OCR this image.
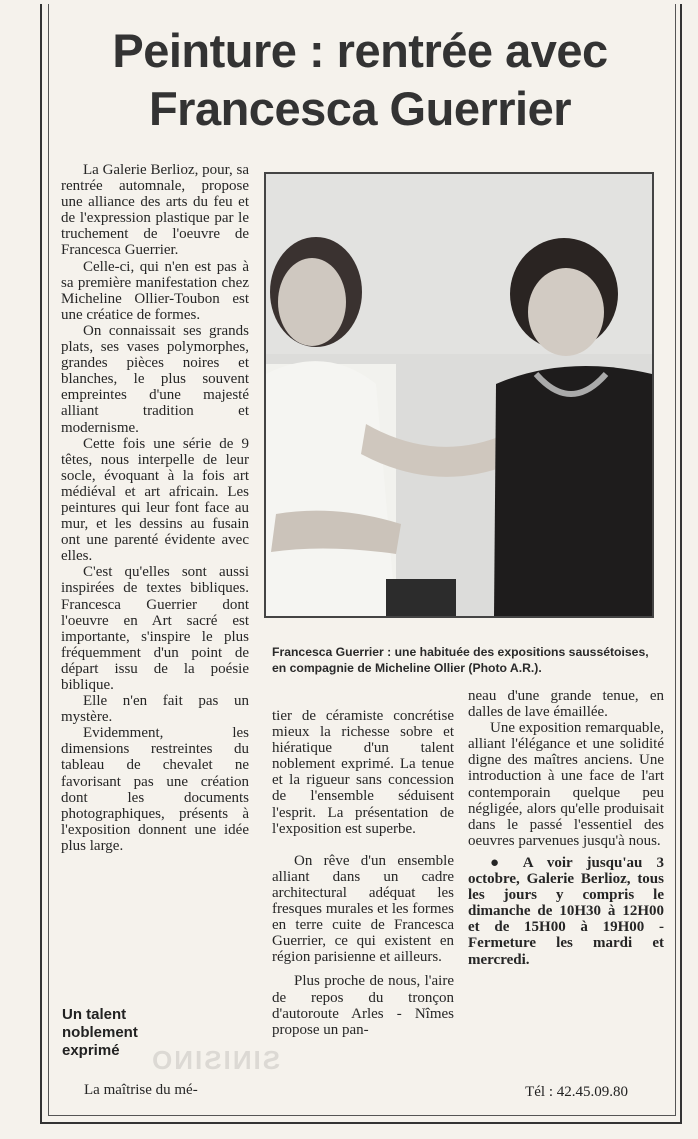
SINISINO
Peinture : rentrée avec
Francesca Guerrier

La Galerie Berlioz, pour, sa rentrée automnale, propose une alliance des arts du feu et de l'expression plastique par le truchement de l'oeuvre de Francesca Guerrier.

Celle-ci, qui n'en est pas à sa première manifestation chez Micheline Ollier-Toubon est une créatice de formes.

On connaissait ses grands plats, ses vases polymorphes, grandes pièces noires et blanches, le plus souvent empreintes d'une majesté alliant tradition et modernisme.

Cette fois une série de 9 têtes, nous interpelle de leur socle, évoquant à la fois art médiéval et art africain. Les peintures qui leur font face au mur, et les dessins au fusain ont une parenté évidente avec elles.

C'est qu'elles sont aussi inspirées de textes bibliques. Francesca Guerrier dont l'oeuvre en Art sacré est importante, s'inspire le plus fréquemment d'un point de départ issu de la poésie biblique.

Elle n'en fait pas un mystère.

Evidemment, les dimensions restreintes du tableau de chevalet ne favorisant pas une création dont les documents photographiques, présents à l'exposition donnent une idée plus large.

Un talent noblement exprimé
La maîtrise du mé-
Francesca Guerrier : une habituée des expositions saussétoises, en compagnie de Micheline Ollier (Photo A.R.).

tier de céramiste concrétise mieux la richesse sobre et hiératique d'un talent noblement exprimé. La tenue et la rigueur sans concession de l'ensemble séduisent l'esprit. La présentation de l'exposition est superbe.

On rêve d'un ensemble alliant dans un cadre architectural adéquat les fresques murales et les formes en terre cuite de Francesca Guerrier, ce qui existent en région parisienne et ailleurs.

Plus proche de nous, l'aire de repos du tronçon d'autoroute Arles - Nîmes propose un pan-

neau d'une grande tenue, en dalles de lave émaillée.

Une exposition remarquable, alliant l'élégance et une solidité digne des maîtres anciens. Une introduction à une face de l'art contemporain quelque peu négligée, alors qu'elle produisait dans le passé l'essentiel des oeuvres parvenues jusqu'à nous.

● A voir jusqu'au 3 octobre, Galerie Berlioz, tous les jours y compris le dimanche de 10H30 à 12H00 et de 15H00 à 19H00 - Fermeture les mardi et mercredi.

Tél : 42.45.09.80
